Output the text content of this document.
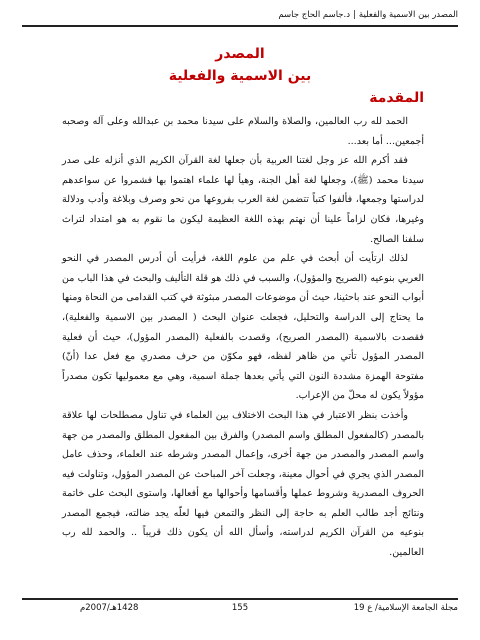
المصدر بين الاسمية والفعلية
|
د.جاسم الحاج جاسم
المصدر
بين الاسمية والفعلية
المقدمة

الحمد لله رب العالمين، والصلاة والسلام على سيدنا محمد بن عبدالله وعلى آله وصحبه أجمعين... أما بعد...

فقد أكرم الله عز وجل لغتنا العربية بأن جعلها لغة القرآن الكريم الذي أنزله على صدر سيدنا محمد (ﷺ)، وجعلها لغة أهل الجنة، وهيأ لها علماء اهتموا بها فشمروا عن سواعدهم لدراستها وجمعها، فألفوا كتباً تتضمن لغة العرب بفروعها من نحو وصرف وبلاغة وأدب ودلالة وغيرها، فكان لزاماً علينا أن نهتم بهذه اللغة العظيمة ليكون ما نقوم به هو امتداد لتراث سلفنا الصالح.

لذلك ارتأيت أن أبحث في علم من علوم اللغة، فرأيت أن أدرس المصدر في النحو العربي بنوعيه (الصريح والمؤول)، والسبب في ذلك هو قلة التأليف والبحث في هذا الباب من أبواب النحو عند باحثينا، حيث أن موضوعات المصدر مبثوثة في كتب القدامى من النحاة ومنها ما يحتاج إلى الدراسة والتحليل، فجعلت عنوان البحث ( المصدر بين الاسمية والفعلية)، فقصدت بالاسمية (المصدر الصريح)، وقصدت بالفعلية (المصدر المؤول)، حيث أن فعلية المصدر المؤول تأتي من ظاهر لفظه، فهو مكوّن من حرف مصدري مع فعل عدا (أنّ) مفتوحة الهمزة مشددة النون التي يأتي بعدها جملة اسمية، وهي مع معموليها تكون مصدراً مؤولاً يكون له محلّ من الإعراب.

وأخذت بنظر الاعتبار في هذا البحث الاختلاف بين العلماء في تناول مصطلحات لها علاقة بالمصدر (كالمفعول المطلق واسم المصدر) والفرق بين المفعول المطلق والمصدر من جهة واسم المصدر والمصدر من جهة أخرى، وإعمال المصدر وشرطه عند العلماء، وحذف عامل المصدر الذي يجري في أحوال معينة، وجعلت آخر المباحث عن المصدر المؤول، وتناولت فيه الحروف المصدرية وشروط عملها وأقسامها وأحوالها مع أفعالها، واستوى البحث على خاتمة ونتائج أجد طالب العلم به حاجة إلى النظر والتمعن فيها لعلّه يجد ضالته، فيجمع المصدر بنوعيه من القرآن الكريم لدراسته، وأسأل الله أن يكون ذلك قريباً .. والحمد لله رب العالمين.

مجلة الجامعة الإسلامية/ ع 19
155
1428هـ/2007م
